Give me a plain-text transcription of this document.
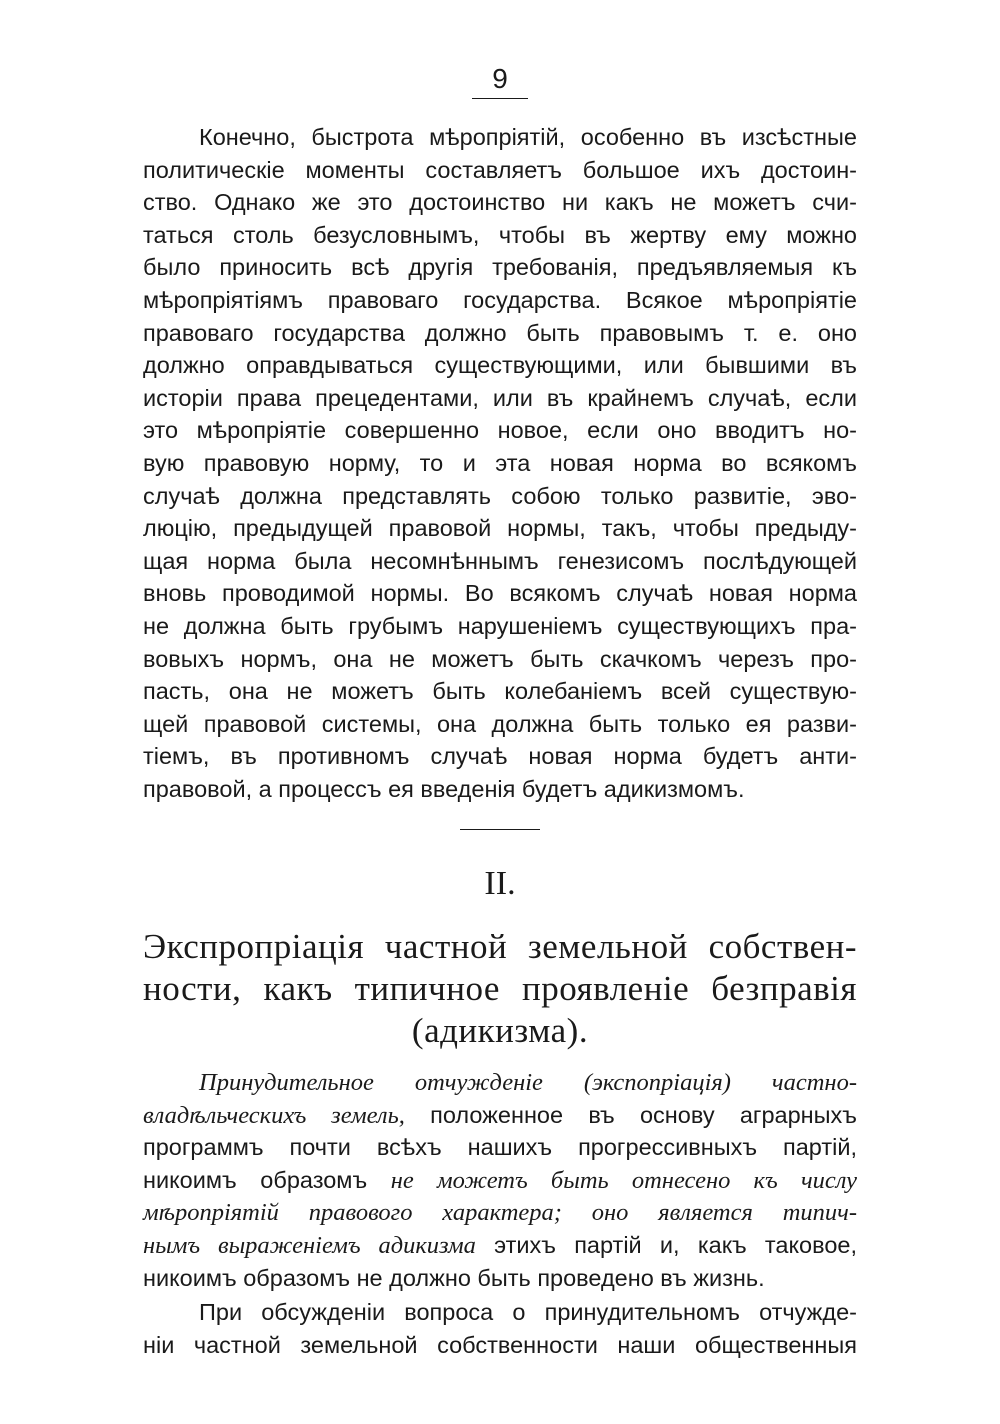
9
Конечно, быстрота мѣропріятій, особенно въ изсѣстные
политическіе моменты составляетъ большое ихъ достоин-
ство. Однако же это достоинство ни какъ не можетъ счи-
таться столь безусловнымъ, чтобы въ жертву ему можно
было приносить всѣ другія требованія, предъявляемыя къ
мѣропріятіямъ правоваго государства. Всякое мѣропріятіе
правоваго государства должно быть правовымъ т. е. оно
должно оправдываться существующими, или бывшими въ
исторіи права прецедентами, или въ крайнемъ случаѣ, если
это мѣропріятіе совершенно новое, если оно вводитъ но-
вую правовую норму, то и эта новая норма во всякомъ
случаѣ должна представлять собою только развитіе, эво-
люцію, предыдущей правовой нормы, такъ, чтобы предыду-
щая норма была несомнѣннымъ генезисомъ послѣдующей
вновь проводимой нормы. Во всякомъ случаѣ новая норма
не должна быть грубымъ нарушеніемъ существующихъ пра-
вовыхъ нормъ, она не можетъ быть скачкомъ черезъ про-
пасть, она не можетъ быть колебаніемъ всей существую-
щей правовой системы, она должна быть только ея разви-
тіемъ, въ противномъ случаѣ новая норма будетъ анти-
правовой, а процессъ ея введенія будетъ адикизмомъ.
II.
Экспропріація частной земельной собствен-
ности, какъ типичное проявленіе безправія
(адикизма).
Принудительное отчужденіе (экспопріація) частно-
владѣльческихъ земель, положенное въ основу аграрныхъ
программъ почти всѣхъ нашихъ прогрессивныхъ партій,
никоимъ образомъ не можетъ быть отнесено къ числу
мѣропріятій правового характера; оно является типич-
нымъ выраженіемъ адикизма этихъ партій и, какъ таковое,
никоимъ образомъ не должно быть проведено въ жизнь.
При обсужденіи вопроса о принудительномъ отчужде-
ніи частной земельной собственности наши общественныя
